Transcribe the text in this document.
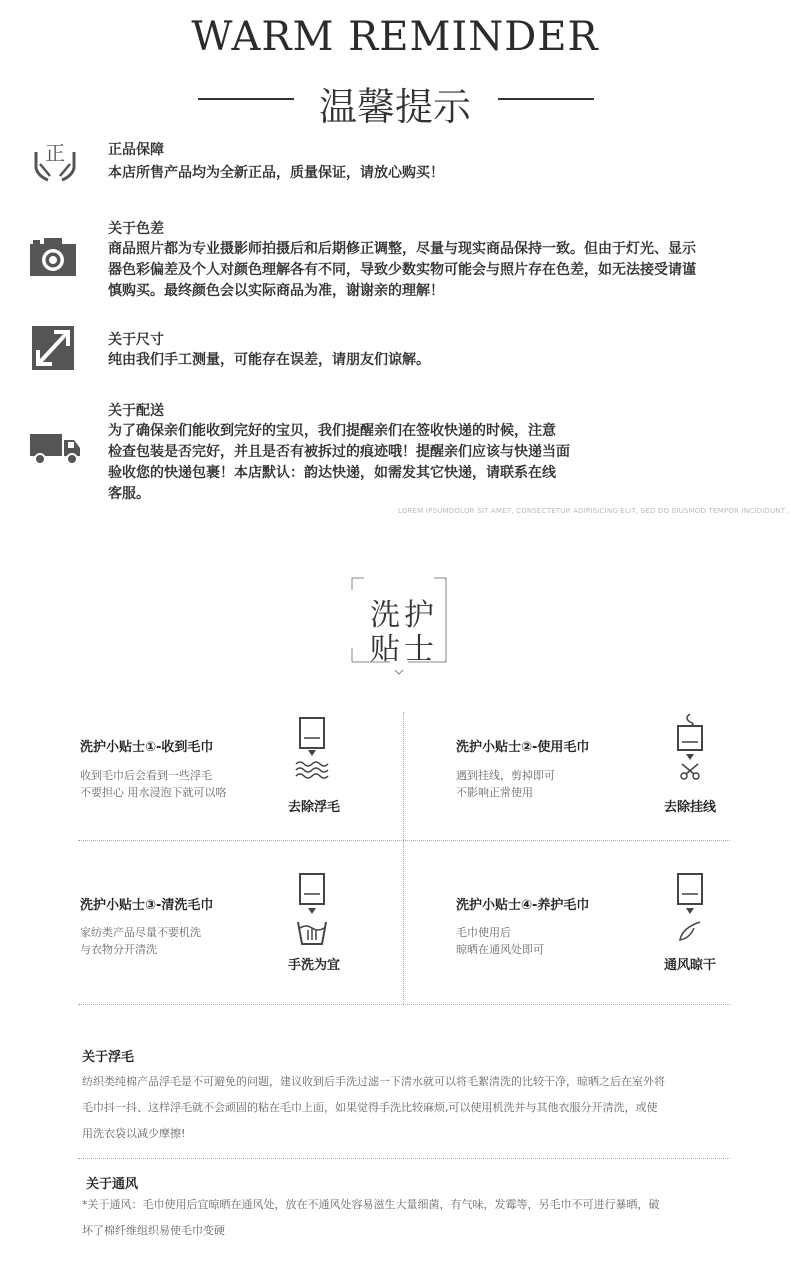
WARM REMINDER
温馨提示
正	正品保障
本店所售产品均为全新正品，质量保证，请放心购买！
关于色差
商品照片都为专业摄影师拍摄后和后期修正调整，尽量与现实商品保持一致。但由于灯光、显示
器色彩偏差及个人对颜色理解各有不同，导致少数实物可能会与照片存在色差，如无法接受请谨
慎购买。最终颜色会以实际商品为准，谢谢亲的理解！
关于尺寸
纯由我们手工测量，可能存在误差，请朋友们谅解。
关于配送
为了确保亲们能收到完好的宝贝，我们提醒亲们在签收快递的时候，注意
检查包装是否完好，并且是否有被拆过的痕迹哦！提醒亲们应该与快递当面
验收您的快递包裹！本店默认：韵达快递，如需发其它快递，请联系在线
客服。
LOREM IPSUMDOLOR SIT AMET, CONSECTETUR ADIPISICING ELIT, SED DO EIUSMOD TEMPOR INCIDIDUNT .
洗护
贴士
洗护小贴士①-收到毛巾
收到毛巾后会看到一些浮毛
不要担心 用水浸泡下就可以咯
去除浮毛
洗护小贴士②-使用毛巾
遇到挂线，剪掉即可
不影响正常使用
去除挂线
洗护小贴士③-清洗毛巾
家纺类产品尽量不要机洗
与衣物分开清洗
手洗为宜
洗护小贴士④-养护毛巾
毛巾使用后
晾晒在通风处即可
通风晾干
关于浮毛
纺织类纯棉产品浮毛是不可避免的问题，建议收到后手洗过滤一下清水就可以将毛絮清洗的比较干净，晾晒之后在室外将
毛巾抖一抖、这样浮毛就不会顽固的粘在毛巾上面，如果觉得手洗比较麻烦,可以使用机洗并与其他衣服分开清洗，或使
用洗衣袋以减少摩擦!
关于通风
*关于通风：毛巾使用后宜晾晒在通风处，放在不通风处容易滋生大量细菌，有气味，发霉等，另毛巾不可进行暴晒，破
坏了棉纤维组织易使毛巾变硬
